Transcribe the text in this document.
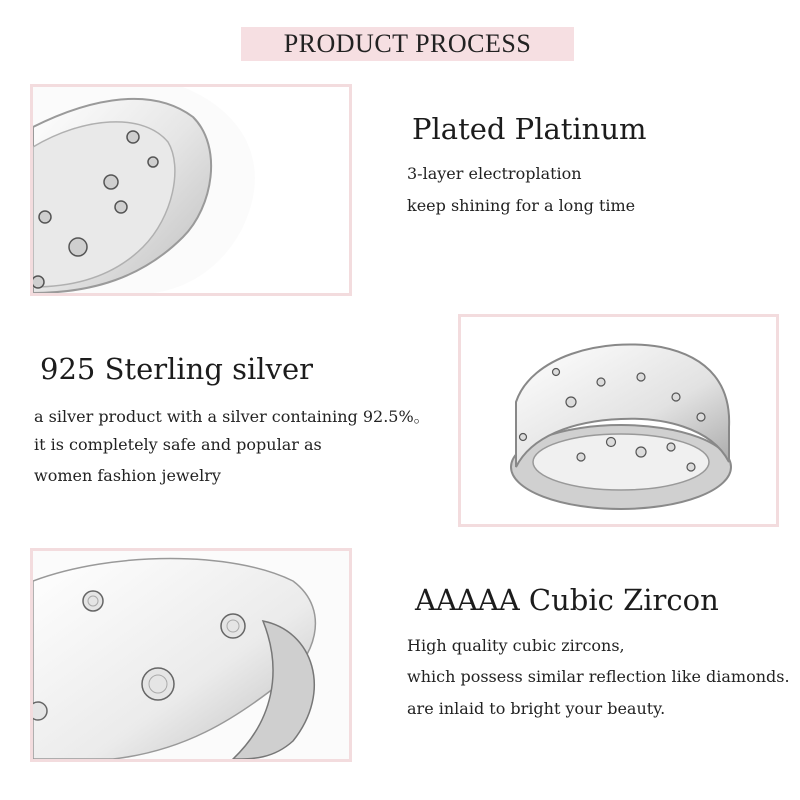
PRODUCT PROCESS
Plated Platinum
3-layer electroplation
keep shining for a long time
925 Sterling silver
a silver product with a silver containing 92.5%。
it is completely safe and popular as
women fashion jewelry
AAAAA Cubic Zircon
High quality cubic zircons,
which possess similar reflection like diamonds.
are inlaid to bright your beauty.
